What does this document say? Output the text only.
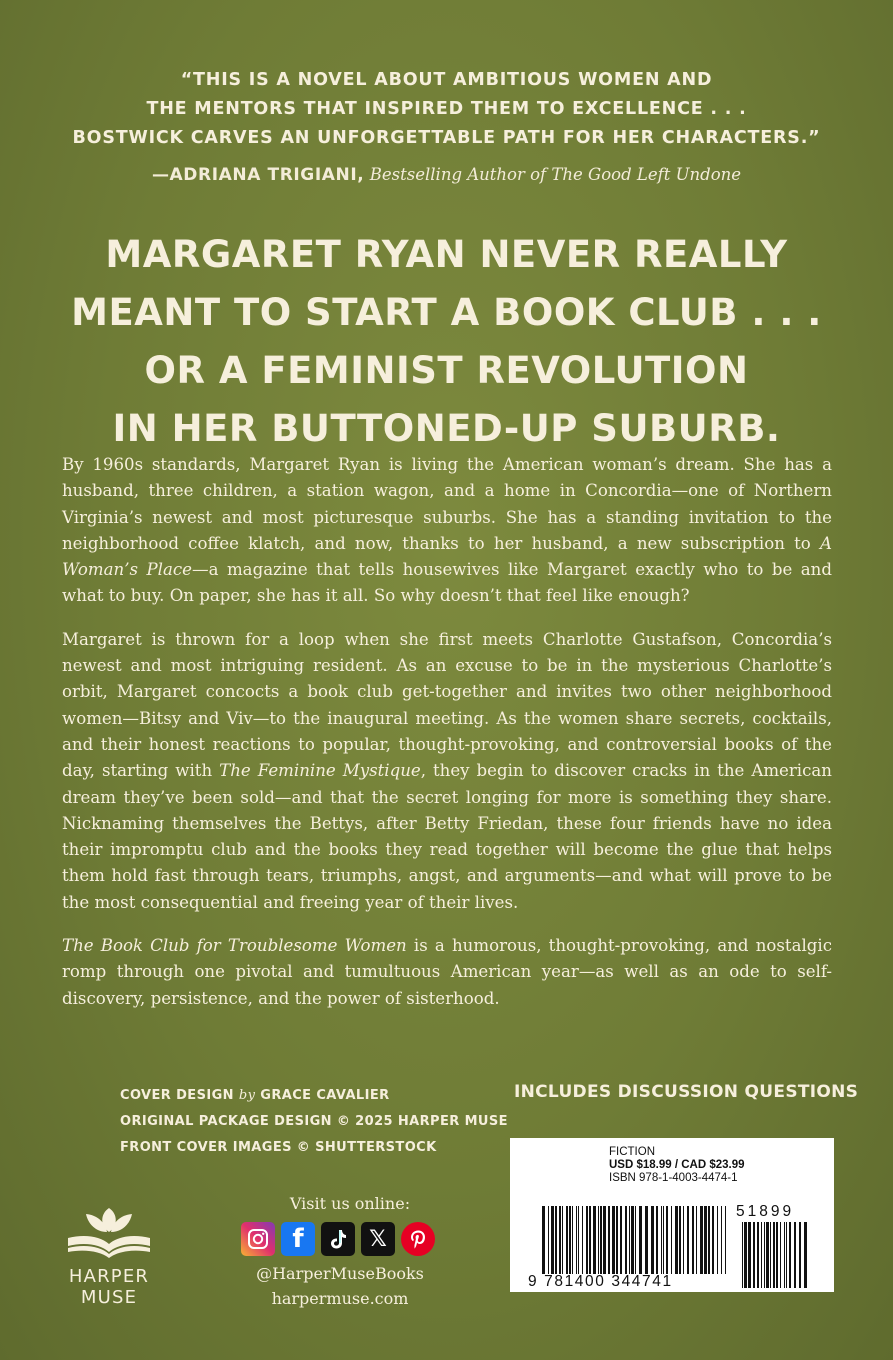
“THIS IS A NOVEL ABOUT AMBITIOUS WOMEN AND
THE MENTORS THAT INSPIRED THEM TO EXCELLENCE . . .
BOSTWICK CARVES AN UNFORGETTABLE PATH FOR HER CHARACTERS.”
—ADRIANA TRIGIANI, Bestselling Author of The Good Left Undone
MARGARET RYAN NEVER REALLY
MEANT TO START A BOOK CLUB . . .
OR A FEMINIST REVOLUTION
IN HER BUTTONED-UP SUBURB.

By 1960s standards, Margaret Ryan is living the American woman’s dream. She has a husband, three children, a station wagon, and a home in Concordia—one of Northern Virginia’s newest and most picturesque suburbs. She has a standing invitation to the neighborhood coffee klatch, and now, thanks to her husband, a new subscription to A Woman’s Place—a magazine that tells housewives like Margaret exactly who to be and what to buy. On paper, she has it all. So why doesn’t that feel like enough?

Margaret is thrown for a loop when she first meets Charlotte Gustafson, Concordia’s newest and most intriguing resident. As an excuse to be in the mysterious Charlotte’s orbit, Margaret concocts a book club get-together and invites two other neighborhood women—Bitsy and Viv—to the inaugural meeting. As the women share secrets, cocktails, and their honest reactions to popular, thought-provoking, and controversial books of the day, starting with The Feminine Mystique, they begin to discover cracks in the American dream they’ve been sold—and that the secret longing for more is something they share. Nicknaming themselves the Bettys, after Betty Friedan, these four friends have no idea their impromptu club and the books they read together will become the glue that helps them hold fast through tears, triumphs, angst, and arguments—and what will prove to be the most consequential and freeing year of their lives.

The Book Club for Troublesome Women is a humorous, thought-provoking, and nostalgic romp through one pivotal and tumultuous American year—as well as an ode to self-discovery, persistence, and the power of sisterhood.

COVER DESIGN by GRACE CAVALIER
ORIGINAL PACKAGE DESIGN © 2025 HARPER MUSE
FRONT COVER IMAGES © SHUTTERSTOCK
INCLUDES DISCUSSION QUESTIONS
FICTION
USD $18.99 / CAD $23.99
ISBN 978-1-4003-4474-1
51899
9 781400 344741
HARPER
MUSE
Visit us online:
f	𝕏
@HarperMuseBooks
harpermuse.com
